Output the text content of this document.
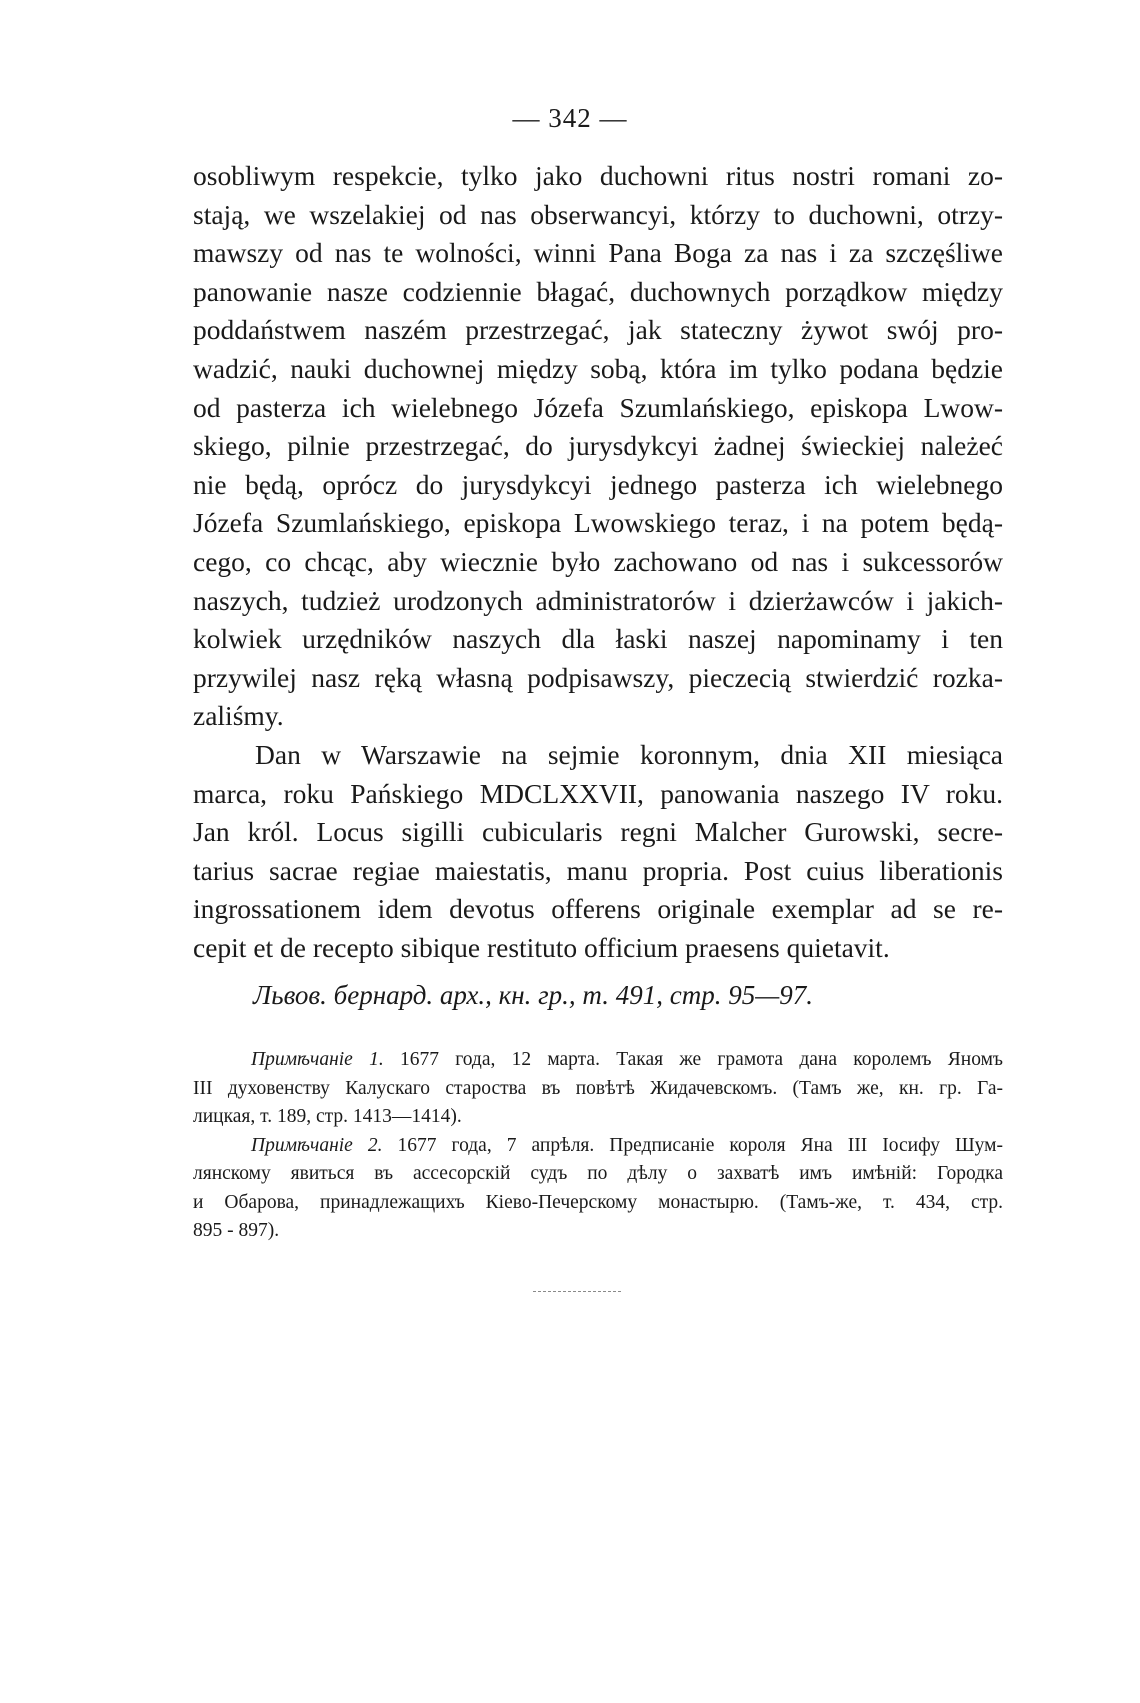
— 342 —
osobliwym respekcie, tylko jako duchowni ritus nostri romani zo-
stają, we wszelakiej od nas obserwancyi, którzy to duchowni, otrzy-
mawszy od nas te wolności, winni Pana Boga za nas i za szczęśliwe
panowanie nasze codziennie błagać, duchownych porządkow między
poddaństwem naszém przestrzegać, jak stateczny żywot swój pro-
wadzić, nauki duchownej między sobą, która im tylko podana będzie
od pasterza ich wielebnego Józefa Szumlańskiego, episkopa Lwow-
skiego, pilnie przestrzegać, do jurysdykcyi żadnej świeckiej należeć
nie będą, oprócz do jurysdykcyi jednego pasterza ich wielebnego
Józefa Szumlańskiego, episkopa Lwowskiego teraz, i na potem będą-
cego, co chcąc, aby wiecznie było zachowano od nas i sukcessorów
naszych, tudzież urodzonych administratorów i dzierżawców i jakich-
kolwiek urzędników naszych dla łaski naszej napominamy i ten
przywilej nasz ręką własną podpisawszy, pieczecią stwierdzić rozka-
zaliśmy.
Dan w Warszawie na sejmie koronnym, dnia XII miesiąca
marca, roku Pańskiego MDCLXXVII, panowania naszego IV roku.
Jan król. Locus sigilli cubicularis regni Malcher Gurowski, secre-
tarius sacrae regiae maiestatis, manu propria. Post cuius liberationis
ingrossationem idem devotus offerens originale exemplar ad se re-
cepit et de recepto sibique restituto officium praesens quietavit.
Львов. бернард. арх., кн. гр., т. 491, стр. 95—97.
Примѣчаніе 1. 1677 года, 12 марта. Такая же грамота дана королемъ Яномъ
III духовенству Калускаго староства въ повѣтѣ Жидачевскомъ. (Тамъ же, кн. гр. Га-
лицкая, т. 189, стр. 1413—1414).
Примѣчаніе 2. 1677 года, 7 апрѣля. Предписаніе короля Яна III Іосифу Шум-
лянскому явиться въ ассесорскій судъ по дѣлу о захватѣ имъ имѣній: Городка
и Обарова, принадлежащихъ Кіево-Печерскому монастырю. (Тамъ-же, т. 434, стр.
895 - 897).
